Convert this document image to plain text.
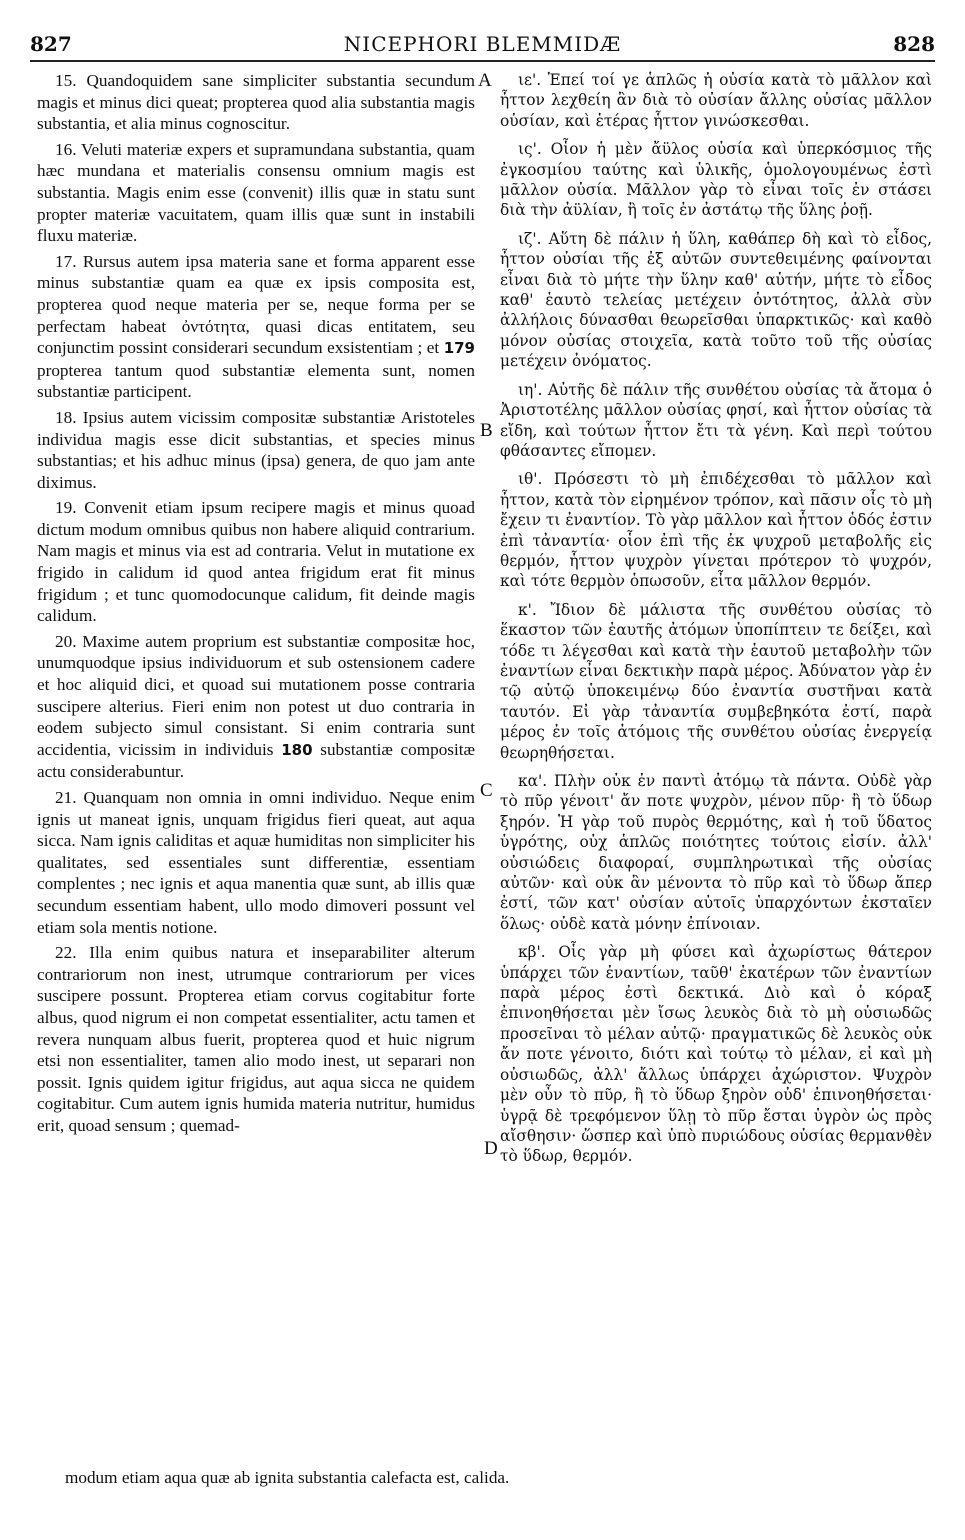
827	NICEPHORI BLEMMIDÆ	828

15. Quandoquidem sane simpliciter substantia secundum magis et minus dici queat; propterea quod alia substantia magis substantia, et alia minus cognoscitur.

16. Veluti materiæ expers et supramundana substantia, quam hæc mundana et materialis consensu omnium magis est substantia. Magis enim esse (convenit) illis quæ in statu sunt propter materiæ vacuitatem, quam illis quæ sunt in instabili fluxu materiæ.

17. Rursus autem ipsa materia sane et forma apparent esse minus substantiæ quam ea quæ ex ipsis composita est, propterea quod neque materia per se, neque forma per se perfectam habeat ὀντότητα, quasi dicas entitatem, seu conjunctim possint considerari secundum exsistentiam ; et 179 propterea tantum quod substantiæ elementa sunt, nomen substantiæ participent.

18. Ipsius autem vicissim compositæ substantiæ Aristoteles individua magis esse dicit substantias, et species minus substantias; et his adhuc minus (ipsa) genera, de quo jam ante diximus.

19. Convenit etiam ipsum recipere magis et minus quoad dictum modum omnibus quibus non habere aliquid contrarium. Nam magis et minus via est ad contraria. Velut in mutatione ex frigido in calidum id quod antea frigidum erat fit minus frigidum ; et tunc quomodocunque calidum, fit deinde magis calidum.

20. Maxime autem proprium est substantiæ compositæ hoc, unumquodque ipsius individuorum et sub ostensionem cadere et hoc aliquid dici, et quoad sui mutationem posse contraria suscipere alterius. Fieri enim non potest ut duo contraria in eodem subjecto simul consistant. Si enim contraria sunt accidentia, vicissim in individuis 180 substantiæ compositæ actu considerabuntur.

21. Quanquam non omnia in omni individuo. Neque enim ignis ut maneat ignis, unquam frigidus fieri queat, aut aqua sicca. Nam ignis caliditas et aquæ humiditas non simpliciter his qualitates, sed essentiales sunt differentiæ, essentiam complentes ; nec ignis et aqua manentia quæ sunt, ab illis quæ secundum essentiam habent, ullo modo dimoveri possunt vel etiam sola mentis notione.

22. Illa enim quibus natura et inseparabiliter alterum contrariorum non inest, utrumque contrariorum per vices suscipere possunt. Propterea etiam corvus cogitabitur forte albus, quod nigrum ei non competat essentialiter, actu tamen et revera nunquam albus fuerit, propterea quod et huic nigrum etsi non essentialiter, tamen alio modo inest, ut separari non possit. Ignis quidem igitur frigidus, aut aqua sicca ne quidem cogitabitur. Cum autem ignis humida materia nutritur, humidus erit, quoad sensum ; quemad-

ιε'. Ἐπεί τοί γε ἁπλῶς ἡ οὐσία κατὰ τὸ μᾶλλον καὶ ἧττον λεχθείη ἂν διὰ τὸ οὐσίαν ἄλλης οὐσίας μᾶλλον οὐσίαν, καὶ ἑτέρας ἧττον γινώσκεσθαι.

ις'. Οἷον ἡ μὲν ἄϋλος οὐσία καὶ ὑπερκόσμιος τῆς ἐγκοσμίου ταύτης καὶ ὑλικῆς, ὁμολογουμένως ἐστὶ μᾶλλον οὐσία. Μᾶλλον γὰρ τὸ εἶναι τοῖς ἐν στάσει διὰ τὴν ἀϋλίαν, ἢ τοῖς ἐν ἀστάτῳ τῆς ὕλης ῥοῇ.

ιζ'. Αὕτη δὲ πάλιν ἡ ὕλη, καθάπερ δὴ καὶ τὸ εἶδος, ἧττον οὐσίαι τῆς ἐξ αὐτῶν συντεθειμένης φαίνονται εἶναι διὰ τὸ μήτε τὴν ὕλην καθ' αὑτήν, μήτε τὸ εἶδος καθ' ἑαυτὸ τελείας μετέχειν ὀντότητος, ἀλλὰ σὺν ἀλλήλοις δύνασθαι θεωρεῖσθαι ὑπαρκτικῶς· καὶ καθὸ μόνον οὐσίας στοιχεῖα, κατὰ τοῦτο τοῦ τῆς οὐσίας μετέχειν ὀνόματος.

ιη'. Αὐτῆς δὲ πάλιν τῆς συνθέτου οὐσίας τὰ ἄτομα ὁ Ἀριστοτέλης μᾶλλον οὐσίας φησί, καὶ ἧττον οὐσίας τὰ εἴδη, καὶ τούτων ἧττον ἔτι τὰ γένη. Καὶ περὶ τούτου φθάσαντες εἴπομεν.

ιθ'. Πρόσεστι τὸ μὴ ἐπιδέχεσθαι τὸ μᾶλλον καὶ ἧττον, κατὰ τὸν εἰρημένον τρόπον, καὶ πᾶσιν οἷς τὸ μὴ ἔχειν τι ἐναντίον. Τὸ γὰρ μᾶλλον καὶ ἧττον ὁδός ἐστιν ἐπὶ τἀναντία· οἷον ἐπὶ τῆς ἐκ ψυχροῦ μεταβολῆς εἰς θερμόν, ἧττον ψυχρὸν γίνεται πρότερον τὸ ψυχρόν, καὶ τότε θερμὸν ὁπωσοῦν, εἶτα μᾶλλον θερμόν.

κ'. Ἴδιον δὲ μάλιστα τῆς συνθέτου οὐσίας τὸ ἕκαστον τῶν ἑαυτῆς ἀτόμων ὑποπίπτειν τε δείξει, καὶ τόδε τι λέγεσθαι καὶ κατὰ τὴν ἑαυτοῦ μεταβολὴν τῶν ἐναντίων εἶναι δεκτικὴν παρὰ μέρος. Ἀδύνατον γὰρ ἐν τῷ αὐτῷ ὑποκειμένῳ δύο ἐναντία συστῆναι κατὰ ταυτόν. Εἰ γὰρ τἀναντία συμβεβηκότα ἐστί, παρὰ μέρος ἐν τοῖς ἀτόμοις τῆς συνθέτου οὐσίας ἐνεργείᾳ θεωρηθήσεται.

κα'. Πλὴν οὐκ ἐν παντὶ ἀτόμῳ τὰ πάντα. Οὐδὲ γὰρ τὸ πῦρ γένοιτ' ἄν ποτε ψυχρὸν, μένον πῦρ· ἢ τὸ ὕδωρ ξηρόν. Ἡ γὰρ τοῦ πυρὸς θερμότης, καὶ ἡ τοῦ ὕδατος ὑγρότης, οὐχ ἁπλῶς ποιότητες τούτοις εἰσίν. ἀλλ' οὐσιώδεις διαφοραί, συμπληρωτικαὶ τῆς οὐσίας αὐτῶν· καὶ οὐκ ἂν μένοντα τὸ πῦρ καὶ τὸ ὕδωρ ἅπερ ἐστί, τῶν κατ' οὐσίαν αὐτοῖς ὑπαρχόντων ἐκσταῖεν ὅλως· οὐδὲ κατὰ μόνην ἐπίνοιαν.

κβ'. Οἷς γὰρ μὴ φύσει καὶ ἀχωρίστως θάτερον ὑπάρχει τῶν ἐναντίων, ταῦθ' ἑκατέρων τῶν ἐναντίων παρὰ μέρος ἐστὶ δεκτικά. Διὸ καὶ ὁ κόραξ ἐπινοηθήσεται μὲν ἴσως λευκὸς διὰ τὸ μὴ οὐσιωδῶς προσεῖναι τὸ μέλαν αὐτῷ· πραγματικῶς δὲ λευκὸς οὐκ ἄν ποτε γένοιτο, διότι καὶ τούτῳ τὸ μέλαν, εἰ καὶ μὴ οὐσιωδῶς, ἀλλ' ἄλλως ὑπάρχει ἀχώριστον. Ψυχρὸν μὲν οὖν τὸ πῦρ, ἢ τὸ ὕδωρ ξηρὸν οὐδ' ἐπινοηθήσεται· ὑγρᾷ δὲ τρεφόμενον ὕλῃ τὸ πῦρ ἔσται ὑγρὸν ὡς πρὸς αἴσθησιν· ὥσπερ καὶ ὑπὸ πυριώδους οὐσίας θερμανθὲν τὸ ὕδωρ, θερμόν.

A
B
C
D
modum etiam aqua quæ ab ignita substantia calefacta est, calida.
